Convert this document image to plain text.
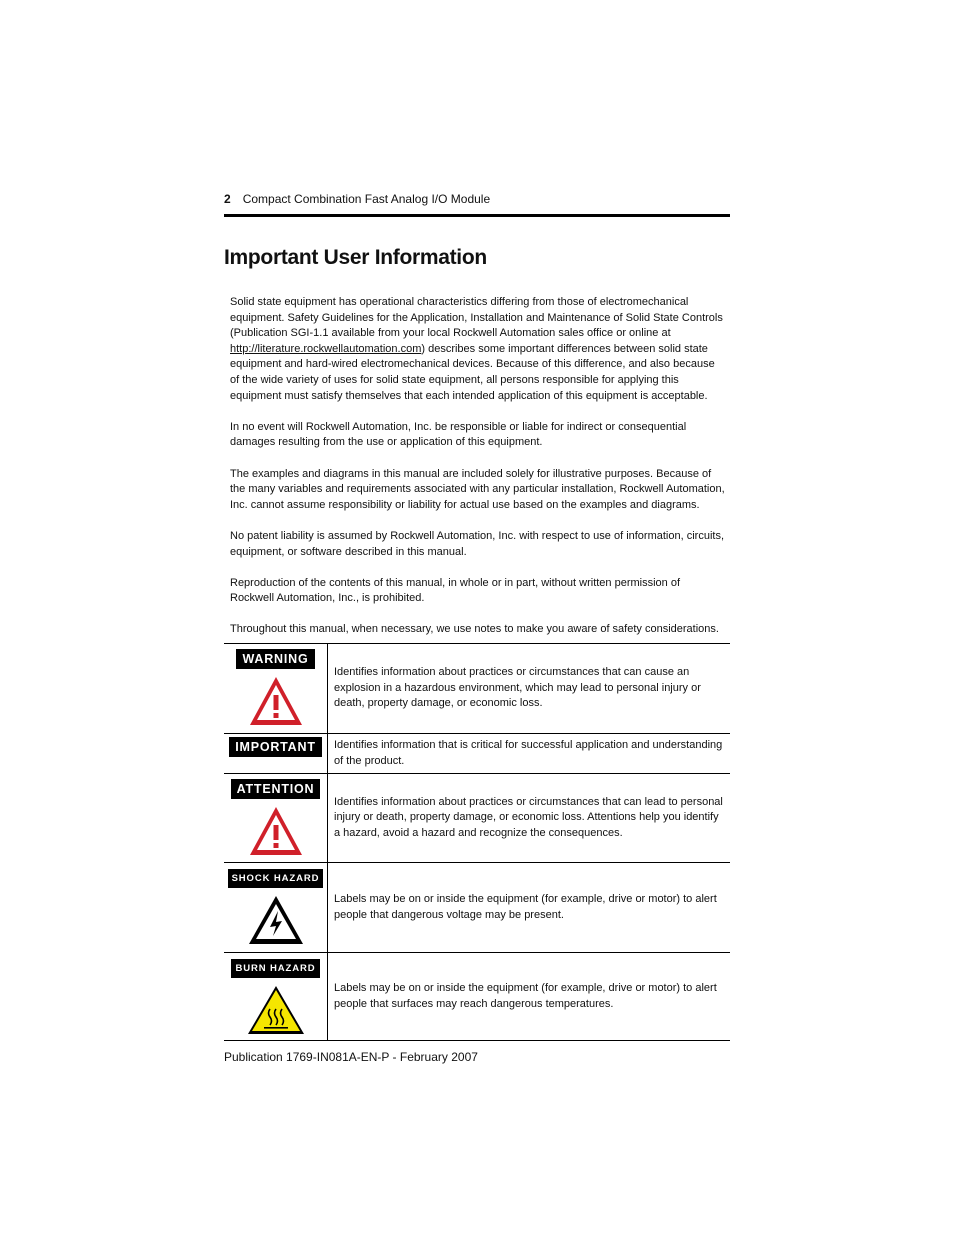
2 Compact Combination Fast Analog I/O Module
Important User Information

Solid state equipment has operational characteristics differing from those of electromechanical equipment. Safety Guidelines for the Application, Installation and Maintenance of Solid State Controls (Publication SGI-1.1 available from your local Rockwell Automation sales office or online at http://literature.rockwellautomation.com) describes some important differences between solid state equipment and hard-wired electromechanical devices. Because of this difference, and also because of the wide variety of uses for solid state equipment, all persons responsible for applying this equipment must satisfy themselves that each intended application of this equipment is acceptable.

In no event will Rockwell Automation, Inc. be responsible or liable for indirect or consequential damages resulting from the use or application of this equipment.

The examples and diagrams in this manual are included solely for illustrative purposes. Because of the many variables and requirements associated with any particular installation, Rockwell Automation, Inc. cannot assume responsibility or liability for actual use based on the examples and diagrams.

No patent liability is assumed by Rockwell Automation, Inc. with respect to use of information, circuits, equipment, or software described in this manual.

Reproduction of the contents of this manual, in whole or in part, without written permission of Rockwell Automation, Inc., is prohibited.

Throughout this manual, when necessary, we use notes to make you aware of safety considerations.

WARNING	Identifies information about practices or circumstances that can cause an explosion in a hazardous environment, which may lead to personal injury or death, property damage, or economic loss.
IMPORTANT	Identifies information that is critical for successful application and understanding of the product.
ATTENTION	Identifies information about practices or circumstances that can lead to personal injury or death, property damage, or economic loss. Attentions help you identify a hazard, avoid a hazard and recognize the consequences.
SHOCK HAZARD	Labels may be on or inside the equipment (for example, drive or motor) to alert people that dangerous voltage may be present.
BURN HAZARD	Labels may be on or inside the equipment (for example, drive or motor) to alert people that surfaces may reach dangerous temperatures.
Publication 1769-IN081A-EN-P - February 2007
